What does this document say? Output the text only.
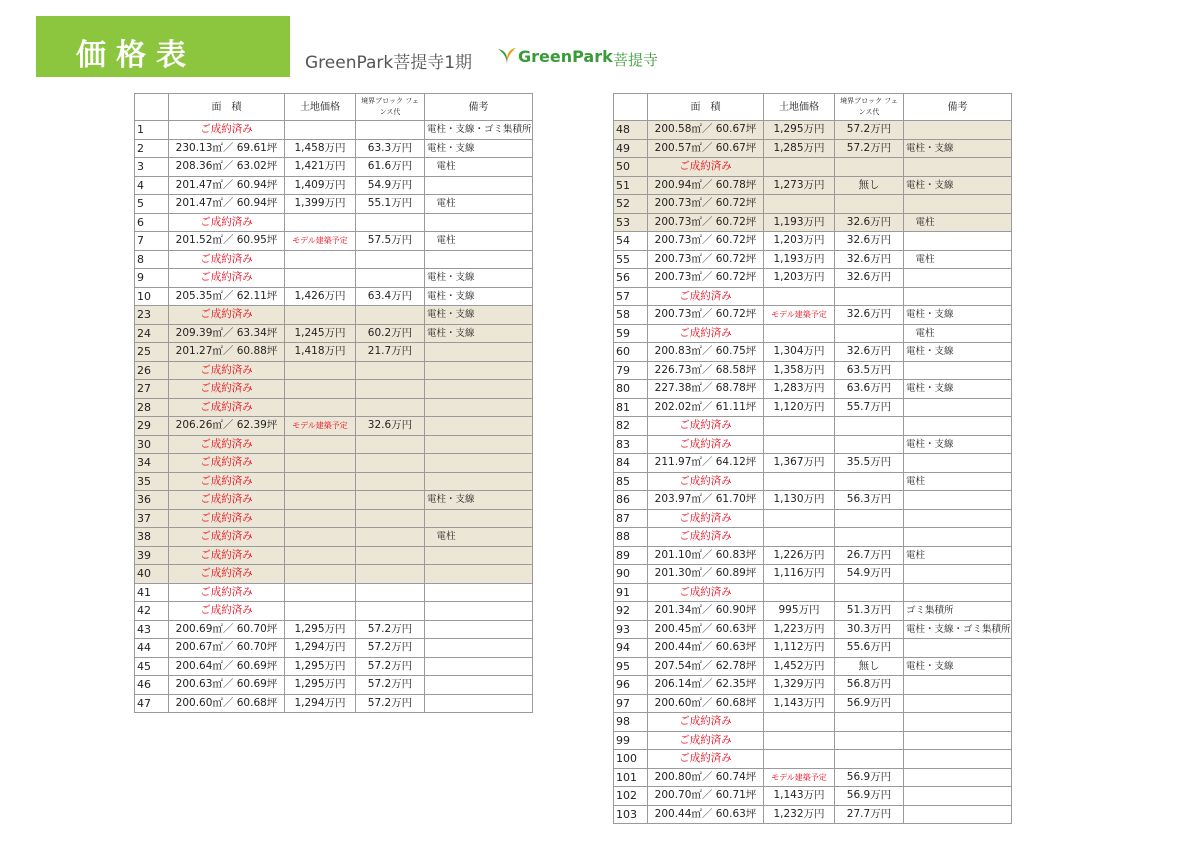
価格表	GreenPark菩提寺1期	GreenPark 菩提寺
	面　積	土地価格	境界ブロック フェンス代	備考
1	ご成約済み			電柱・支線・ゴミ集積所
2	230.13㎡／ 69.61坪	1,458万円	63.3万円	電柱・支線
3	208.36㎡／ 63.02坪	1,421万円	61.6万円	　電柱
4	201.47㎡／ 60.94坪	1,409万円	54.9万円	
5	201.47㎡／ 60.94坪	1,399万円	55.1万円	　電柱
6	ご成約済み			
7	201.52㎡／ 60.95坪	モデル建築予定	57.5万円	　電柱
8	ご成約済み			
9	ご成約済み			電柱・支線
10	205.35㎡／ 62.11坪	1,426万円	63.4万円	電柱・支線
23	ご成約済み			電柱・支線
24	209.39㎡／ 63.34坪	1,245万円	60.2万円	電柱・支線
25	201.27㎡／ 60.88坪	1,418万円	21.7万円	
26	ご成約済み			
27	ご成約済み			
28	ご成約済み			
29	206.26㎡／ 62.39坪	モデル建築予定	32.6万円	
30	ご成約済み			
34	ご成約済み			
35	ご成約済み			
36	ご成約済み			電柱・支線
37	ご成約済み			
38	ご成約済み			　電柱
39	ご成約済み			
40	ご成約済み			
41	ご成約済み			
42	ご成約済み			
43	200.69㎡／ 60.70坪	1,295万円	57.2万円	
44	200.67㎡／ 60.70坪	1,294万円	57.2万円	
45	200.64㎡／ 60.69坪	1,295万円	57.2万円	
46	200.63㎡／ 60.69坪	1,295万円	57.2万円	
47	200.60㎡／ 60.68坪	1,294万円	57.2万円	
	面　積	土地価格	境界ブロック フェンス代	備考
48	200.58㎡／ 60.67坪	1,295万円	57.2万円	
49	200.57㎡／ 60.67坪	1,285万円	57.2万円	電柱・支線
50	ご成約済み			
51	200.94㎡／ 60.78坪	1,273万円	無し	電柱・支線
52	200.73㎡／ 60.72坪			
53	200.73㎡／ 60.72坪	1,193万円	32.6万円	　電柱
54	200.73㎡／ 60.72坪	1,203万円	32.6万円	
55	200.73㎡／ 60.72坪	1,193万円	32.6万円	　電柱
56	200.73㎡／ 60.72坪	1,203万円	32.6万円	
57	ご成約済み			
58	200.73㎡／ 60.72坪	モデル建築予定	32.6万円	電柱・支線
59	ご成約済み			　電柱
60	200.83㎡／ 60.75坪	1,304万円	32.6万円	電柱・支線
79	226.73㎡／ 68.58坪	1,358万円	63.5万円	
80	227.38㎡／ 68.78坪	1,283万円	63.6万円	電柱・支線
81	202.02㎡／ 61.11坪	1,120万円	55.7万円	
82	ご成約済み			
83	ご成約済み			電柱・支線
84	211.97㎡／ 64.12坪	1,367万円	35.5万円	
85	ご成約済み			電柱
86	203.97㎡／ 61.70坪	1,130万円	56.3万円	
87	ご成約済み			
88	ご成約済み			
89	201.10㎡／ 60.83坪	1,226万円	26.7万円	電柱
90	201.30㎡／ 60.89坪	1,116万円	54.9万円	
91	ご成約済み			
92	201.34㎡／ 60.90坪	995万円	51.3万円	ゴミ集積所
93	200.45㎡／ 60.63坪	1,223万円	30.3万円	電柱・支線・ゴミ集積所
94	200.44㎡／ 60.63坪	1,112万円	55.6万円	
95	207.54㎡／ 62.78坪	1,452万円	無し	電柱・支線
96	206.14㎡／ 62.35坪	1,329万円	56.8万円	
97	200.60㎡／ 60.68坪	1,143万円	56.9万円	
98	ご成約済み			
99	ご成約済み			
100	ご成約済み			
101	200.80㎡／ 60.74坪	モデル建築予定	56.9万円	
102	200.70㎡／ 60.71坪	1,143万円	56.9万円	
103	200.44㎡／ 60.63坪	1,232万円	27.7万円	
